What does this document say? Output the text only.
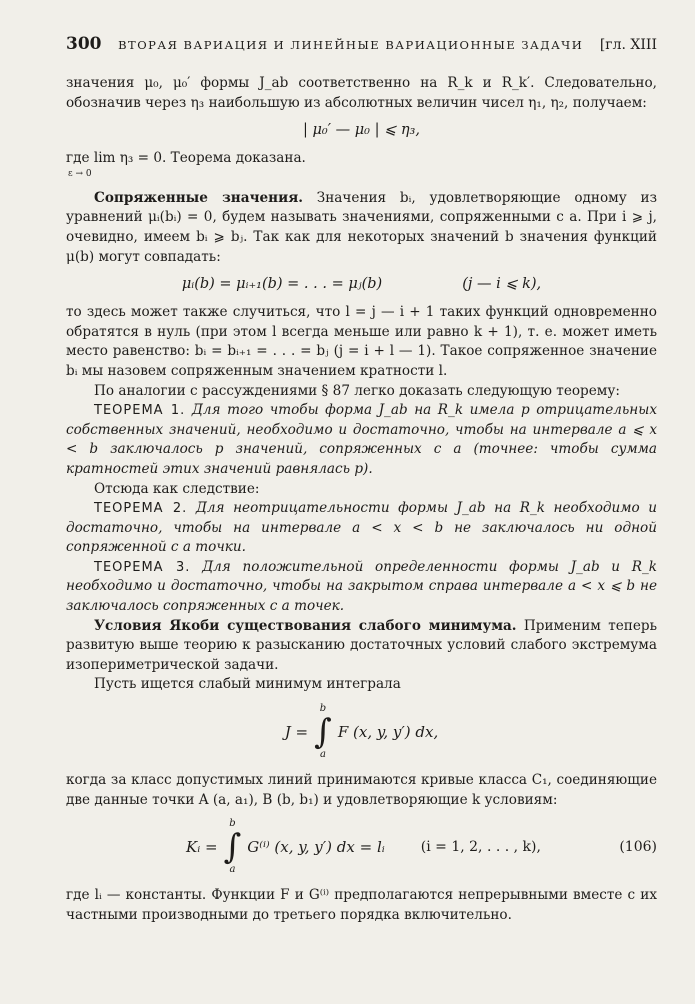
300 ВТОРАЯ ВАРИАЦИЯ И ЛИНЕЙНЫЕ ВАРИАЦИОННЫЕ ЗАДАЧИ [гл. XIII

значения μ₀, μ₀′ формы J_ab соответственно на R_k и R_k′. Следовательно, обозначив через η₃ наибольшую из абсолютных величин чисел η₁, η₂, получаем:

| μ₀′ — μ₀ | ⩽ η₃,

где lim η₃ = 0. Теорема доказана.

ε → 0

Сопряженные значения. Значения bᵢ, удовлетворяющие одному из уравнений μᵢ(bᵢ) = 0, будем называть значениями, сопряженными с a. При i ⩾ j, очевидно, имеем bᵢ ⩾ bⱼ. Так как для некоторых значений b значения функций μ(b) могут совпадать:

μᵢ(b) = μᵢ₊₁(b) = . . . = μⱼ(b)	(j — i ⩽ k),

то здесь может также случиться, что l = j — i + 1 таких функций одновременно обратятся в нуль (при этом l всегда меньше или равно k + 1), т. е. может иметь место равенство: bᵢ = bᵢ₊₁ = . . . = bⱼ (j = i + l — 1). Такое сопряженное значение bᵢ мы назовем сопряженным значением кратности l.

По аналогии с рассуждениями § 87 легко доказать следующую теорему:

ТЕОРЕМА 1. Для того чтобы форма J_ab на R_k имела p отрицательных собственных значений, необходимо и достаточно, чтобы на интервале a ⩽ x < b заключалось p значений, сопряженных с a (точнее: чтобы сумма кратностей этих значений равнялась p).

Отсюда как следствие:

ТЕОРЕМА 2. Для неотрицательности формы J_ab на R_k необходимо и достаточно, чтобы на интервале a < x < b не заключалось ни одной сопряженной с a точки.

ТЕОРЕМА 3. Для положительной определенности формы J_ab и R_k необходимо и достаточно, чтобы на закрытом справа интервале a < x ⩽ b не заключалось сопряженных с a точек.

Условия Якоби существования слабого минимума. Применим теперь развитую выше теорию к разысканию достаточных условий слабого экстремума изопериметрической задачи.

Пусть ищется слабый минимум интеграла

J =
b
∫
a
F (x, y, y′) dx,

когда за класс допустимых линий принимаются кривые класса C₁, соединяющие две данные точки A (a, a₁), B (b, b₁) и удовлетворяющие k условиям:

Kᵢ =
b
∫
a
G⁽ⁱ⁾ (x, y, y′) dx = lᵢ	(i = 1, 2, . . . , k),	(106)

где lᵢ — константы. Функции F и G⁽ⁱ⁾ предполагаются непрерывными вместе с их частными производными до третьего порядка включительно.
